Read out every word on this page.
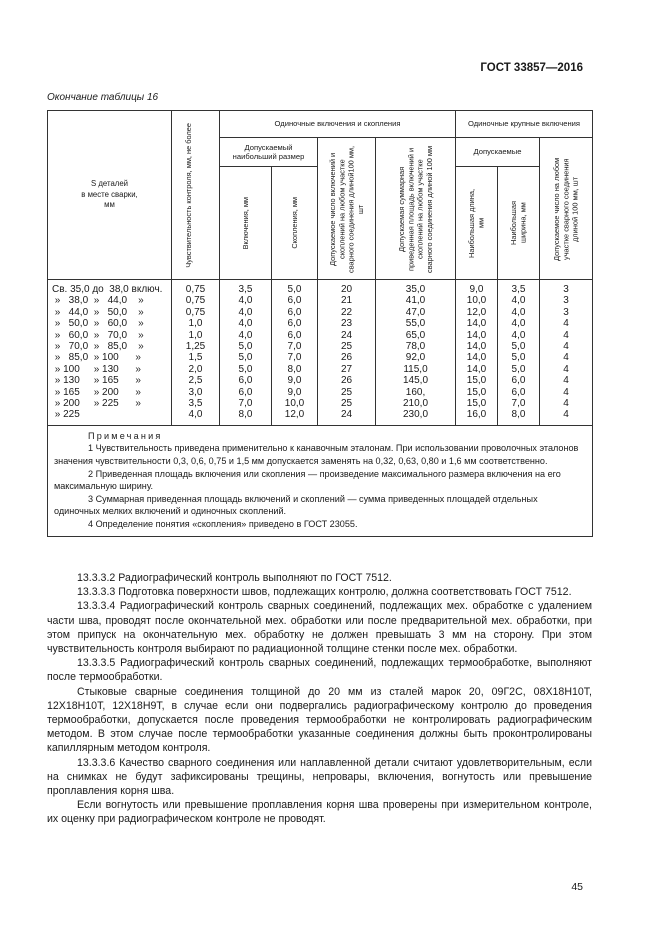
ГОСТ 33857—2016
Окончание таблицы 16
S деталей
в месте сварки,
мм	Чувствительность контроля, мм, не более	Одиночные включения и скопления				Одиночные крупные включения		
		Допускаемый наибольший размер		Допускаемое число включений и скоплений на любом участке сварного соединения длиной100 мм, шт	Допускаемая суммарная приведенная площадь включений и скоплений на любом участке сварного соединения длиной 100 мм	Допускаемые		Допускаемое число на любом участке сварного соединения длиной 100 мм, шт

		Включения, мм	Скопления, мм			Наибольшая длина, мм	Наибольшая ширина, мм	

Св. 35,0 до  38,0 включ.	0,75	3,5	5,0	20	35,0	9,0	3,5	3
»   38,0  »   44,0    »	0,75	4,0	6,0	21	41,0	10,0	4,0	3
»   44,0  »   50,0    »	0,75	4,0	6,0	22	47,0	12,0	4,0	3
»   50,0  »   60,0    »	1,0	4,0	6,0	23	55,0	14,0	4,0	4
»   60,0  »   70,0    »	1,0	4,0	6,0	24	65,0	14,0	4,0	4
»   70,0  »   85,0    »	1,25	5,0	7,0	25	78,0	14,0	5,0	4
»   85,0  » 100      »	1,5	5,0	7,0	26	92,0	14,0	5,0	4
» 100     » 130      »	2,0	5,0	8,0	27	115,0	14,0	5,0	4
» 130     » 165      »	2,5	6,0	9,0	26	145,0	15,0	6,0	4
» 165     » 200      »	3,0	6,0	9,0	25	160,	15,0	6,0	4
» 200     » 225      »	3,5	7,0	10,0	25	210,0	15,0	7,0	4
» 225	4,0	8,0	12,0	24	230,0	16,0	8,0	4

Примечания

1 Чувствительность приведена применительно к канавочным эталонам. При использовании проволочных эталонов значения чувствительности 0,3, 0,6, 0,75 и 1,5 мм допускается заменять на 0,32, 0,63, 0,80 и 1,6 мм соответственно.

2 Приведенная площадь включения или скопления — произведение максимального размера включения на его максимальную ширину.

3 Суммарная приведенная площадь включений и скоплений — сумма приведенных площадей отдельных одиночных мелких включений и одиночных скоплений.

4 Определение понятия «скопления» приведено в ГОСТ 23055.								

13.3.3.2 Радиографический контроль выполняют по ГОСТ 7512.

13.3.3.3 Подготовка поверхности швов, подлежащих контролю, должна соответствовать ГОСТ 7512.

13.3.3.4 Радиографический контроль сварных соединений, подлежащих мех. обработке с удалением части шва, проводят после окончательной мех. обработки или после предварительной мех. обработки, при этом припуск на окончательную мех. обработку не должен превышать 3 мм на сторону. При этом чувствительность контроля выбирают по радиационной толщине стенки после мех. обработки.

13.3.3.5 Радиографический контроль сварных соединений, подлежащих термообработке, выполняют после термообработки.

Стыковые сварные соединения толщиной до 20 мм из сталей марок 20, 09Г2С, 08Х18Н10Т, 12Х18Н10Т, 12Х18Н9Т, в случае если они подвергались радиографическому контролю до проведения термообработки, допускается после проведения термообработки не контролировать радиографическим методом. В этом случае после термообработки указанные соединения должны быть проконтролированы капиллярным методом контроля.

13.3.3.6 Качество сварного соединения или наплавленной детали считают удовлетворительным, если на снимках не будут зафиксированы трещины, непровары, включения, вогнутость или превышение проплавления корня шва.

Если вогнутость или превышение проплавления корня шва проверены при измерительном контроле, их оценку при радиографическом контроле не проводят.

45
